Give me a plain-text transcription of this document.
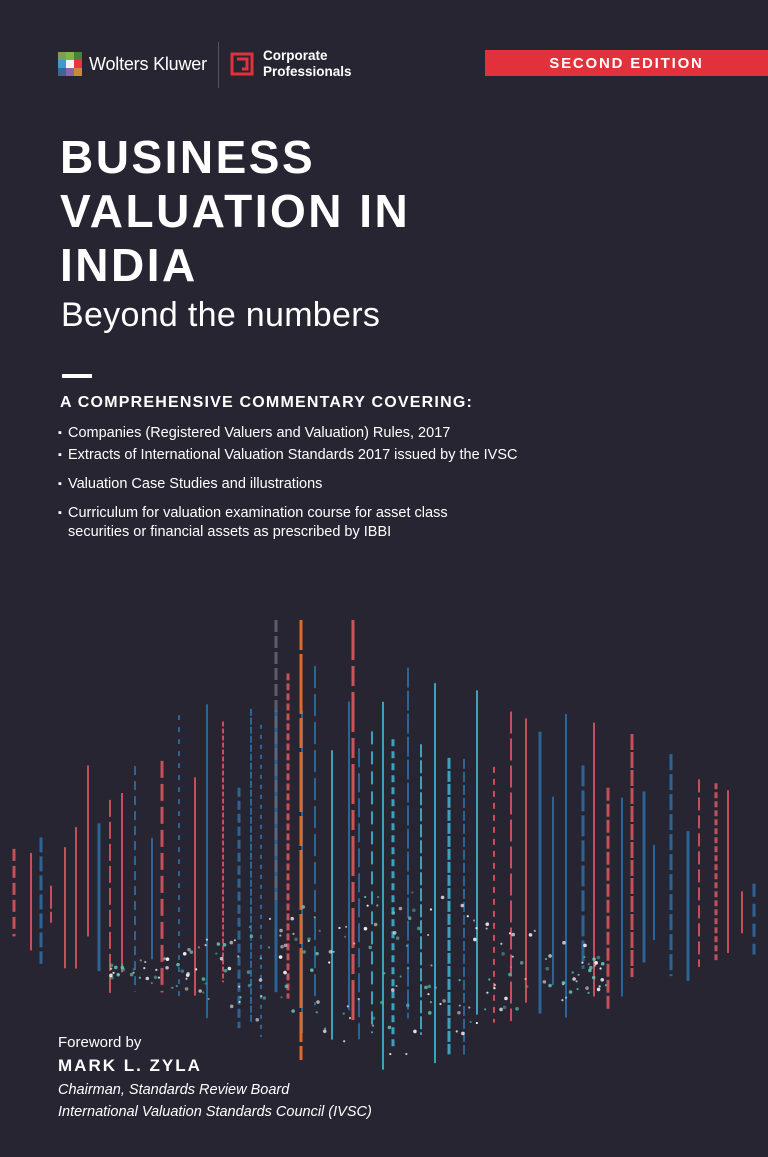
Wolters Kluwer	Corporate
Professionals	SECOND EDITION
BUSINESS
VALUATION IN
INDIA
Beyond the numbers
A COMPREHENSIVE COMMENTARY COVERING:
▪ Companies (Registered Valuers and Valuation) Rules, 2017
▪ Extracts of International Valuation Standards 2017 issued by the IVSC
▪ Valuation Case Studies and illustrations
▪ Curriculum for valuation examination course for asset class securities or financial assets as prescribed by IBBI
Foreword by
MARK L. ZYLA
Chairman, Standards Review Board
International Valuation Standards Council (IVSC)
